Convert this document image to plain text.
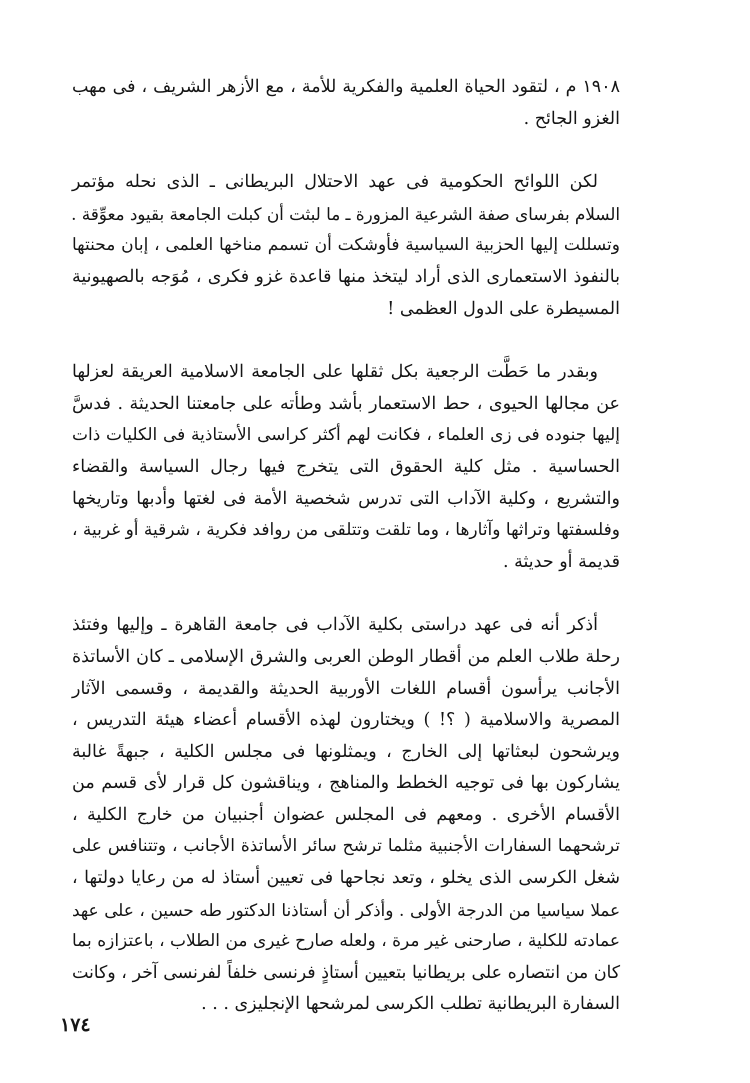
١٩٠٨ م ، لتقود الحياة العلمية والفكرية للأمة ، مع الأزهر الشريف ، فى مهب
الغزو الجائح .
لكن اللوائح الحكومية فى عهد الاحتلال البريطانى ـ الذى نحله مؤتمر
السلام بفرساى صفة الشرعية المزورة ـ ما لبثت أن كبلت الجامعة بقيود معوِّقة .
وتسللت إليها الحزبية السياسية فأوشكت أن تسمم مناخها العلمى ، إبان محنتها
بالنفوذ الاستعمارى الذى أراد ليتخذ منها قاعدة غزو فكرى ، مُوَجه بالصهيونية
المسيطرة على الدول العظمى !
وبقدر ما حَطَّت الرجعية بكل ثقلها على الجامعة الاسلامية العريقة لعزلها
عن مجالها الحيوى ، حط الاستعمار بأشد وطأته على جامعتنا الحديثة . فدسَّ
إليها جنوده فى زى العلماء ، فكانت لهم أكثر كراسى الأستاذية فى الكليات ذات
الحساسية . مثل كلية الحقوق التى يتخرج فيها رجال السياسة والقضاء
والتشريع ، وكلية الآداب التى تدرس شخصية الأمة فى لغتها وأدبها وتاريخها
وفلسفتها وتراثها وآثارها ، وما تلقت وتتلقى من روافد فكرية ، شرقية أو غربية ،
قديمة أو حديثة .
أذكر أنه فى عهد دراستى بكلية الآداب فى جامعة القاهرة ـ وإليها وفتئذ
رحلة طلاب العلم من أقطار الوطن العربى والشرق الإسلامى ـ كان الأساتذة
الأجانب يرأسون أقسام اللغات الأوربية الحديثة والقديمة ، وقسمى الآثار
المصرية والاسلامية ( ؟! ) ويختارون لهذه الأقسام أعضاء هيئة التدريس ،
ويرشحون لبعثاتها إلى الخارج ، ويمثلونها فى مجلس الكلية ، جبهةً غالبة
يشاركون بها فى توجيه الخطط والمناهج ، ويناقشون كل قرار لأى قسم من
الأقسام الأخرى . ومعهم فى المجلس عضوان أجنبيان من خارج الكلية ،
ترشحهما السفارات الأجنبية مثلما ترشح سائر الأساتذة الأجانب ، وتتنافس على
شغل الكرسى الذى يخلو ، وتعد نجاحها فى تعيين أستاذ له من رعايا دولتها ،
عملا سياسيا من الدرجة الأولى . وأذكر أن أستاذنا الدكتور طه حسين ، على عهد
عمادته للكلية ، صارحنى غير مرة ، ولعله صارح غيرى من الطلاب ، باعتزازه بما
كان من انتصاره على بريطانيا بتعيين أستاذٍ فرنسى خلفاً لفرنسى آخر ، وكانت
السفارة البريطانية تطلب الكرسى لمرشحها الإنجليزى . . .
١٧٤
